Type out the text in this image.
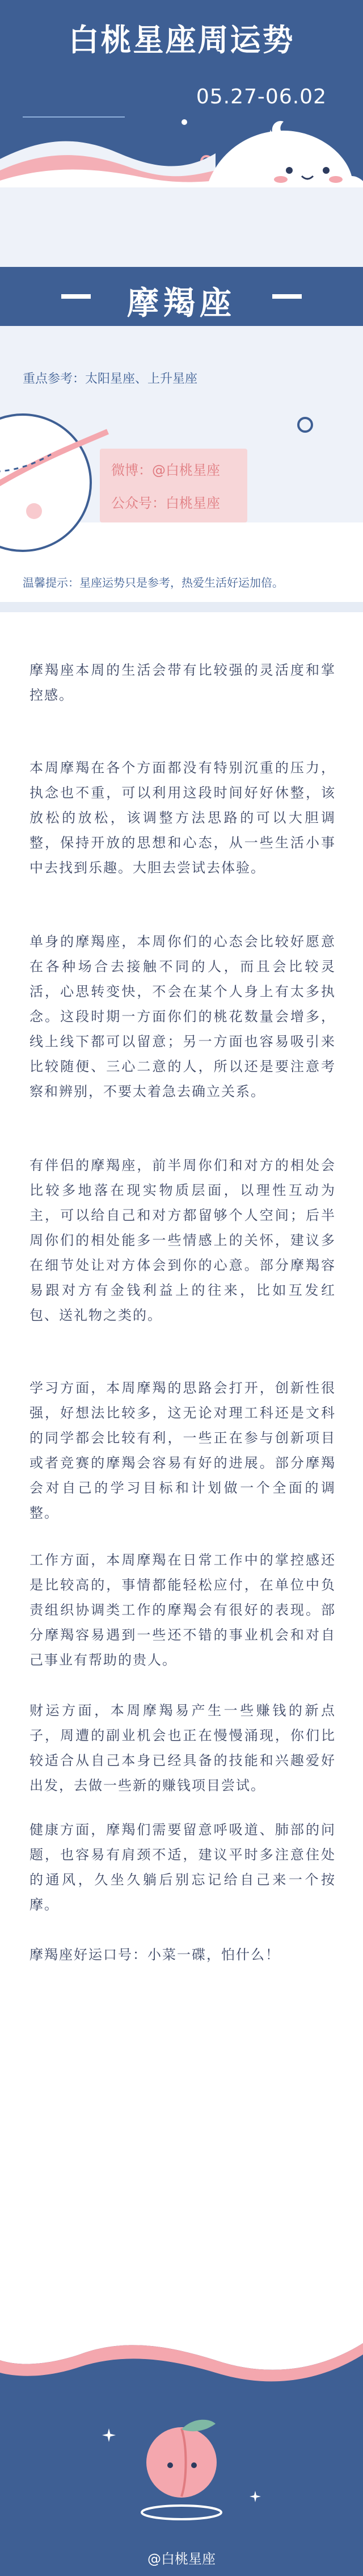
白桃星座周运势
05.27-06.02
摩羯座
重点参考：太阳星座、上升星座
微博：@白桃星座
公众号：白桃星座
温馨提示：星座运势只是参考，热爱生活好运加倍。

摩羯座本周的生活会带有比较强的灵活度和掌控感。

本周摩羯在各个方面都没有特别沉重的压力，执念也不重，可以利用这段时间好好休整，该放松的放松，该调整方法思路的可以大胆调整，保持开放的思想和心态，从一些生活小事中去找到乐趣。大胆去尝试去体验。

单身的摩羯座，本周你们的心态会比较好愿意在各种场合去接触不同的人，而且会比较灵活，心思转变快，不会在某个人身上有太多执念。这段时期一方面你们的桃花数量会增多，线上线下都可以留意；另一方面也容易吸引来比较随便、三心二意的人，所以还是要注意考察和辨别，不要太着急去确立关系。

有伴侣的摩羯座，前半周你们和对方的相处会比较多地落在现实物质层面，以理性互动为主，可以给自己和对方都留够个人空间；后半周你们的相处能多一些情感上的关怀，建议多在细节处让对方体会到你的心意。部分摩羯容易跟对方有金钱利益上的往来，比如互发红包、送礼物之类的。

学习方面，本周摩羯的思路会打开，创新性很强，好想法比较多，这无论对理工科还是文科的同学都会比较有利，一些正在参与创新项目或者竞赛的摩羯会容易有好的进展。部分摩羯会对自己的学习目标和计划做一个全面的调整。

工作方面，本周摩羯在日常工作中的掌控感还是比较高的，事情都能轻松应付，在单位中负责组织协调类工作的摩羯会有很好的表现。部分摩羯容易遇到一些还不错的事业机会和对自己事业有帮助的贵人。

财运方面，本周摩羯易产生一些赚钱的新点子，周遭的副业机会也正在慢慢涌现，你们比较适合从自己本身已经具备的技能和兴趣爱好出发，去做一些新的赚钱项目尝试。

健康方面，摩羯们需要留意呼吸道、肺部的问题，也容易有肩颈不适，建议平时多注意住处的通风，久坐久躺后别忘记给自己来一个按摩。

摩羯座好运口号：小菜一碟，怕什么！

@白桃星座
